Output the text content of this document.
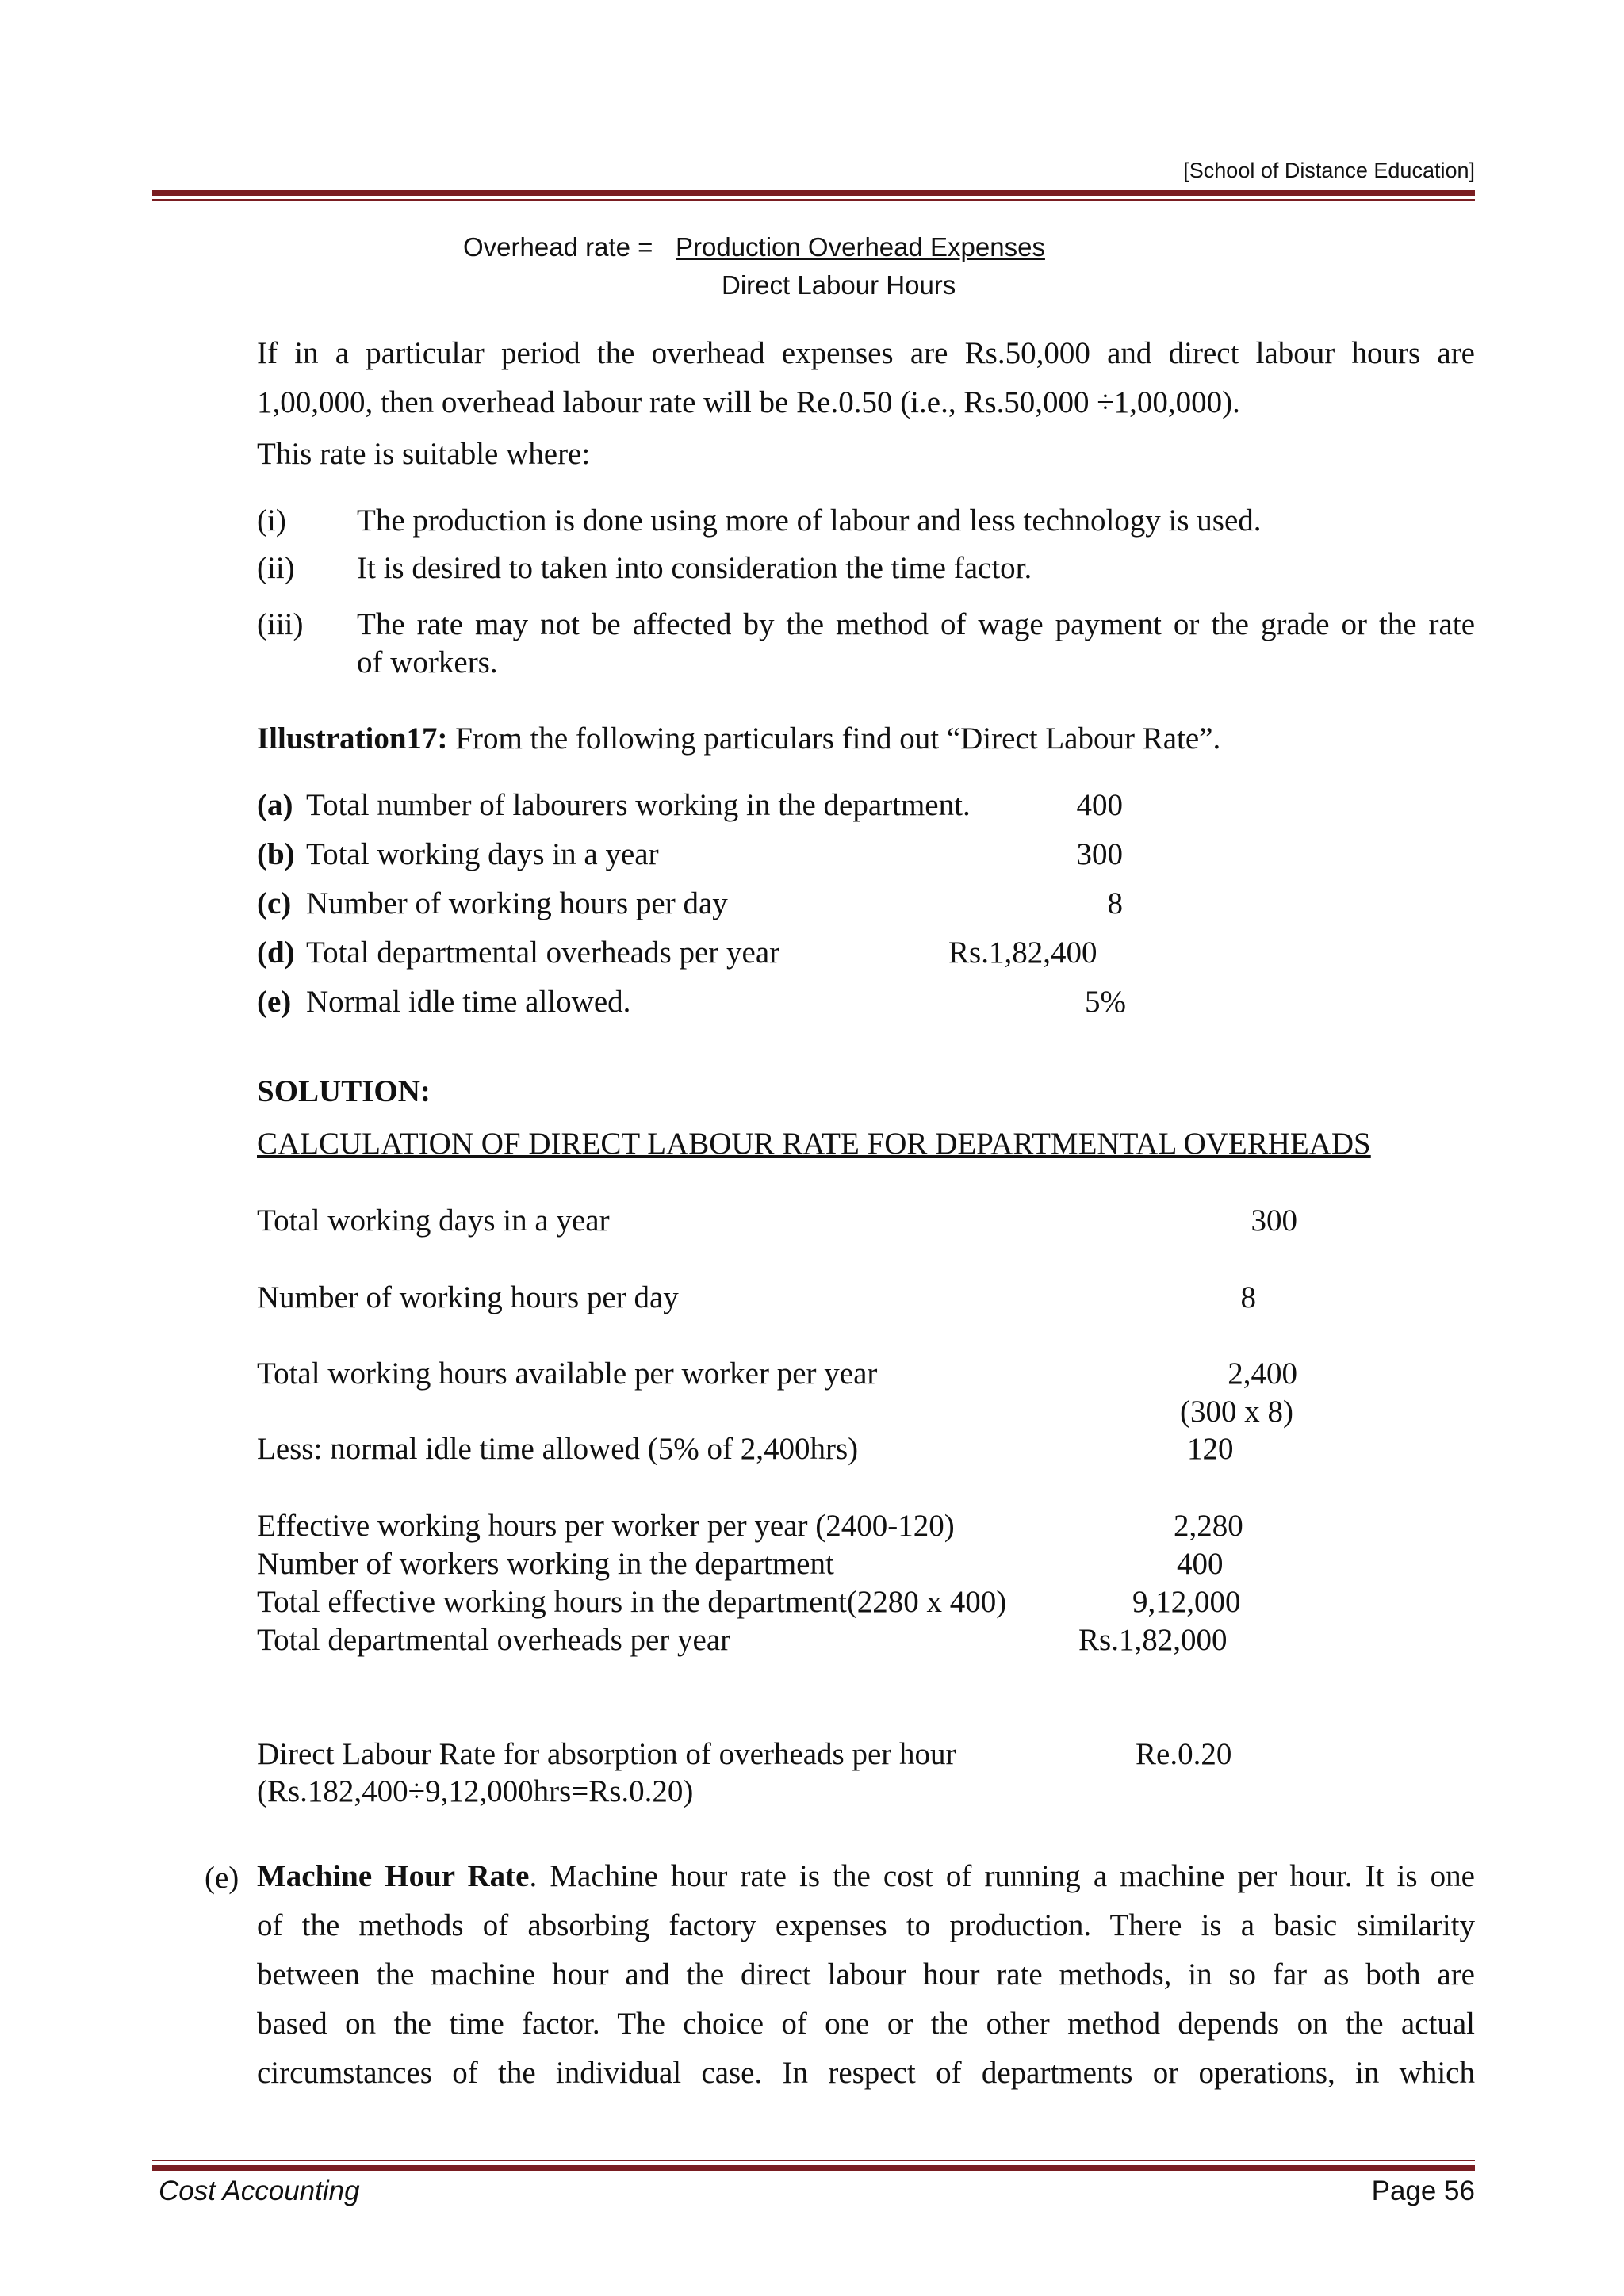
[School of Distance Education]
Overhead rate = Production Overhead Expenses
Direct Labour Hours
If in a particular period the overhead expenses are Rs.50,000 and direct labour hours are
1,00,000, then overhead labour rate will be Re.0.50 (i.e., Rs.50,000 ÷1,00,000).
This rate is suitable where:
(i) The production is done using more of labour and less technology is used.
(ii) It is desired to taken into consideration the time factor.
(iii) The rate may not be affected by the method of wage payment or the grade or the rate
of workers.
Illustration17: From the following particulars find out “Direct Labour Rate”.
(a) Total number of labourers working in the department.	400
(b) Total working days in a year	300
(c) Number of working hours per day	8
(d) Total departmental overheads per year	Rs.1,82,400
(e) Normal idle time allowed.	5%
SOLUTION:
CALCULATION OF DIRECT LABOUR RATE FOR DEPARTMENTAL OVERHEADS
Total working days in a year	300
Number of working hours per day	8
Total working hours available per worker per year	2,400
(300 x 8)
Less: normal idle time allowed (5% of 2,400hrs)	120
Effective working hours per worker per year (2400-120)	2,280
Number of workers working in the department	400
Total effective working hours in the department(2280 x 400)	9,12,000
Total departmental overheads per year	Rs.1,82,000
Direct Labour Rate for absorption of overheads per hour	Re.0.20
(Rs.182,400÷9,12,000hrs=Rs.0.20)
(e) Machine Hour Rate. Machine hour rate is the cost of running a machine per hour. It is one
of the methods of absorbing factory expenses to production. There is a basic similarity
between the machine hour and the direct labour hour rate methods, in so far as both are
based on the time factor. The choice of one or the other method depends on the actual
circumstances of the individual case. In respect of departments or operations, in which
Cost Accounting	Page 56
